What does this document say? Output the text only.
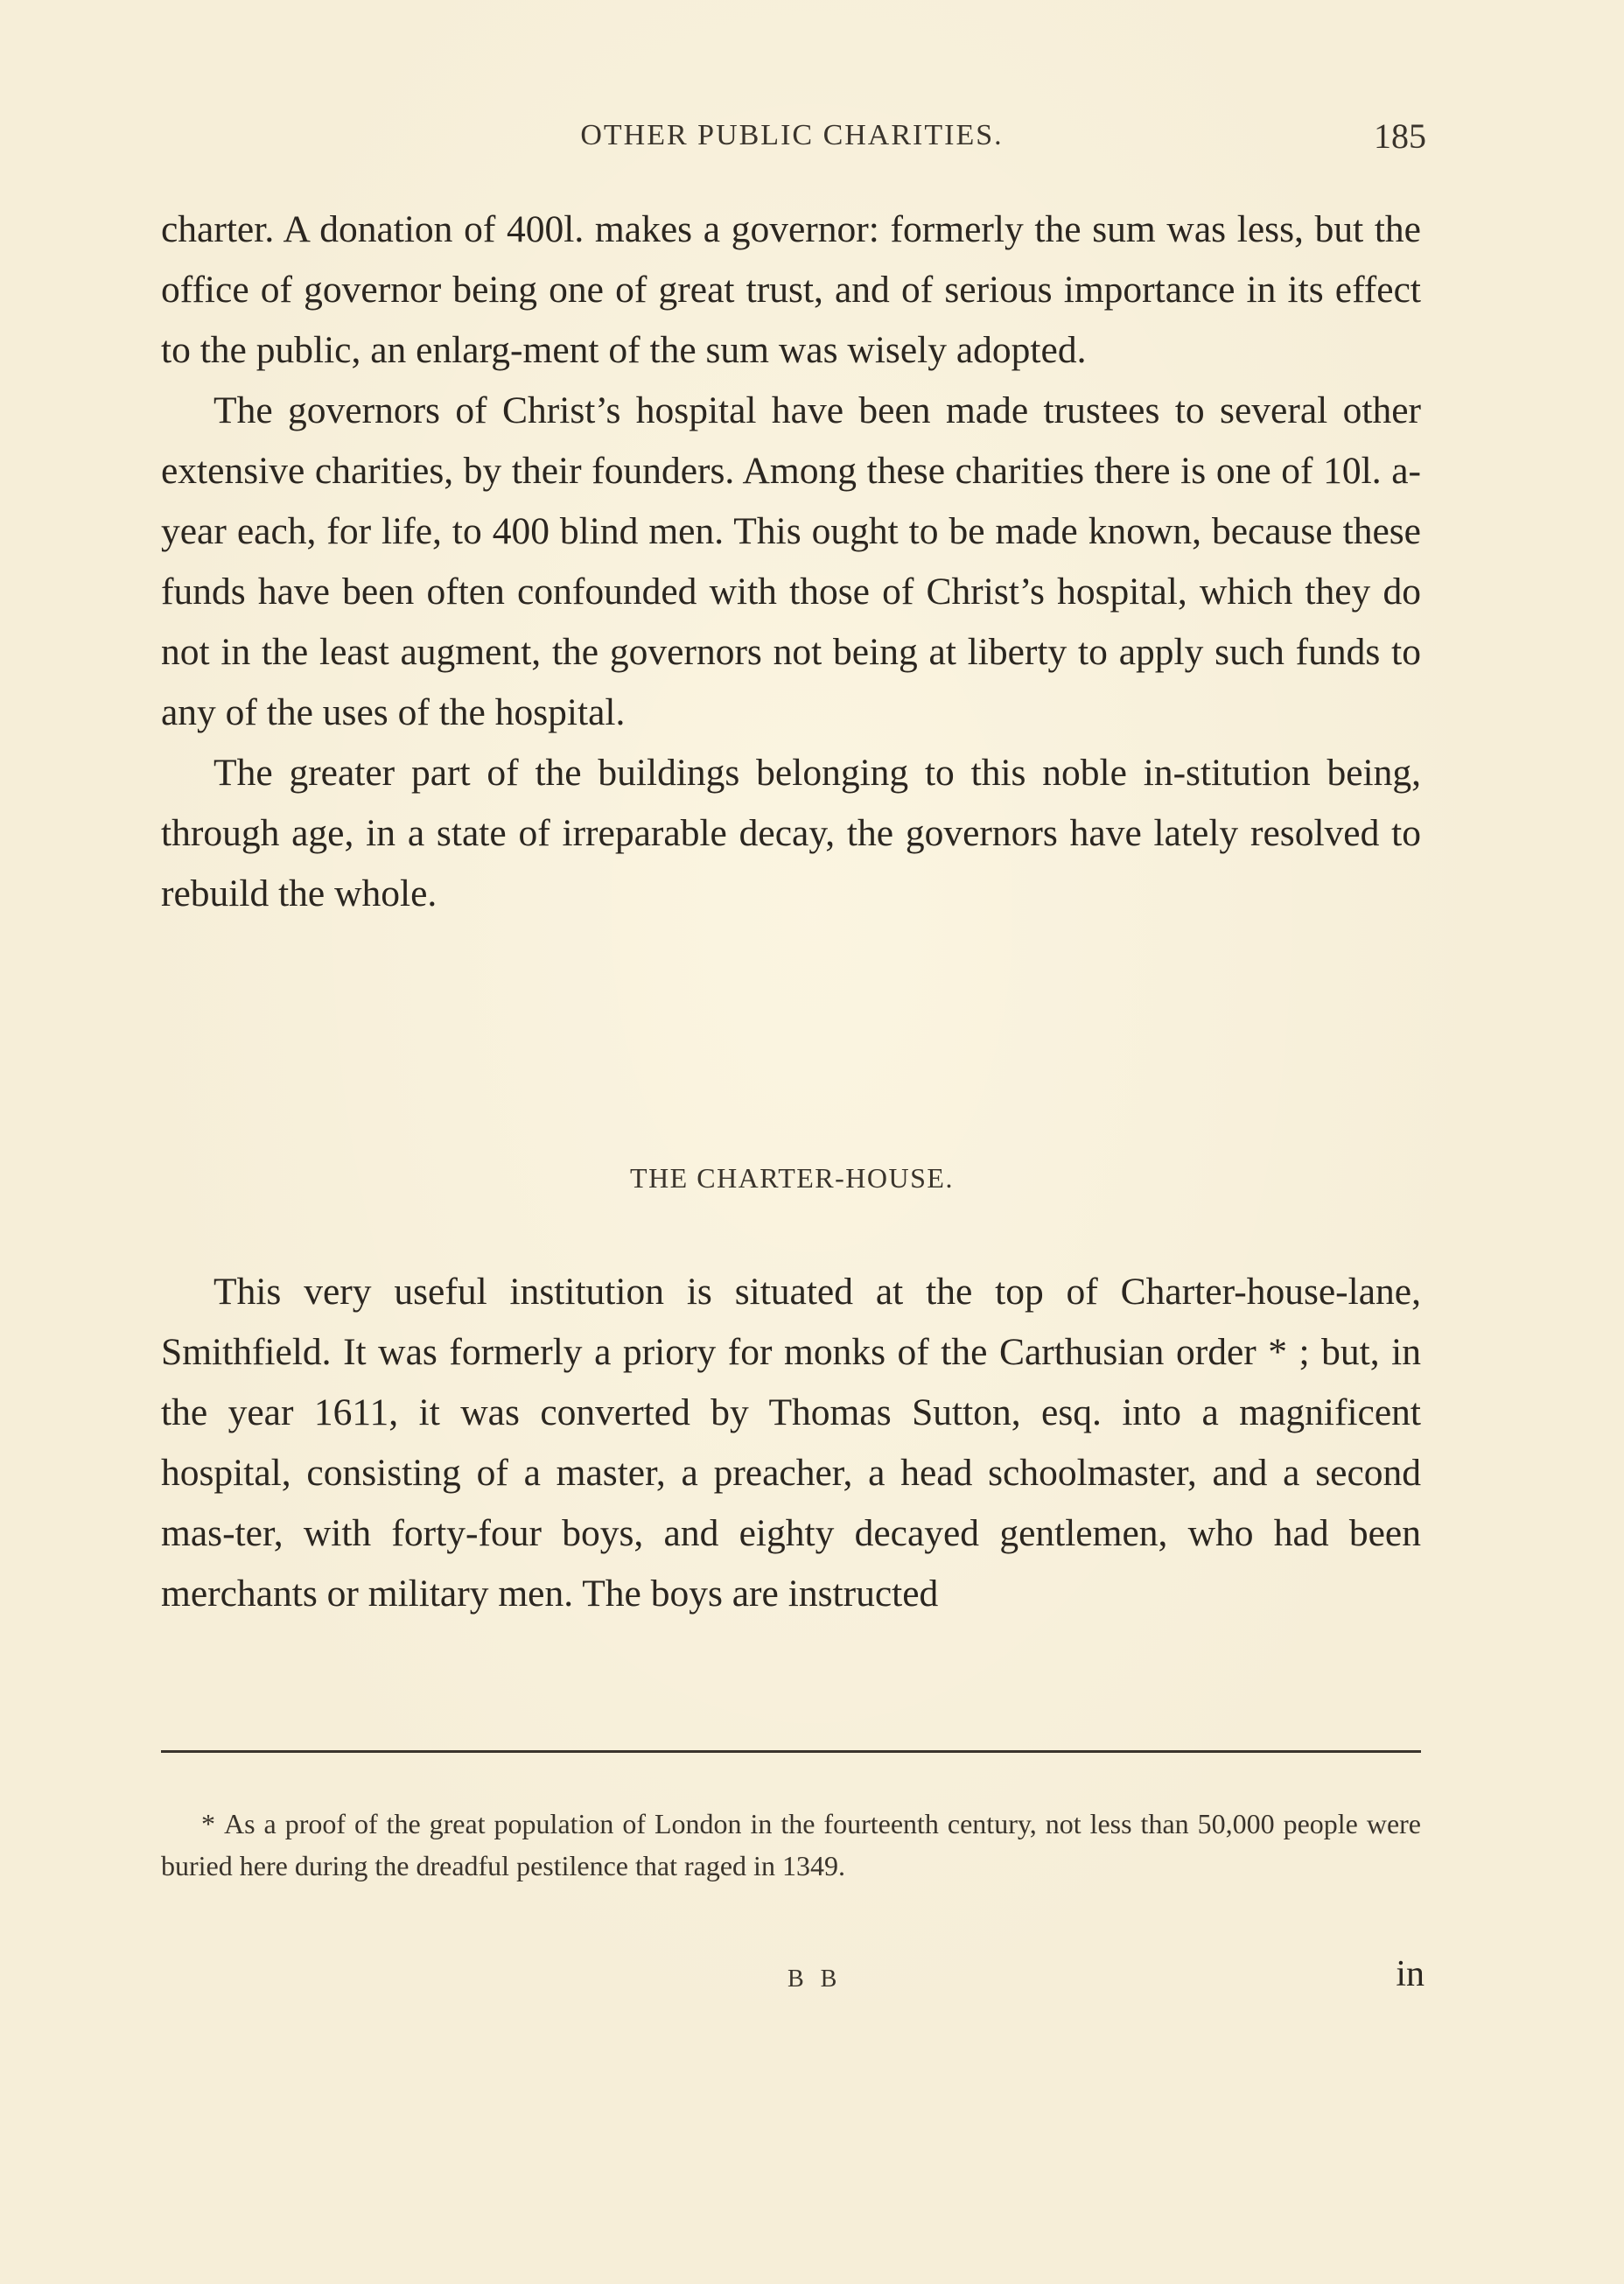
OTHER PUBLIC CHARITIES.	185

charter. A donation of 400l. makes a governor: formerly the sum was less, but the office of governor being one of great trust, and of serious importance in its effect to the public, an enlarg-ment of the sum was wisely adopted.

The governors of Christ’s hospital have been made trustees to several other extensive charities, by their founders. Among these charities there is one of 10l. a-year each, for life, to 400 blind men. This ought to be made known, because these funds have been often confounded with those of Christ’s hospital, which they do not in the least augment, the governors not being at liberty to apply such funds to any of the uses of the hospital.

The greater part of the buildings belonging to this noble in-stitution being, through age, in a state of irreparable decay, the governors have lately resolved to rebuild the whole.

THE CHARTER-HOUSE.

This very useful institution is situated at the top of Charter-house-lane, Smithfield. It was formerly a priory for monks of the Carthusian order * ; but, in the year 1611, it was converted by Thomas Sutton, esq. into a magnificent hospital, consisting of a master, a preacher, a head schoolmaster, and a second mas-ter, with forty-four boys, and eighty decayed gentlemen, who had been merchants or military men. The boys are instructed

* As a proof of the great population of London in the fourteenth century, not less than 50,000 people were buried here during the dreadful pestilence that raged in 1349.

B B	in
